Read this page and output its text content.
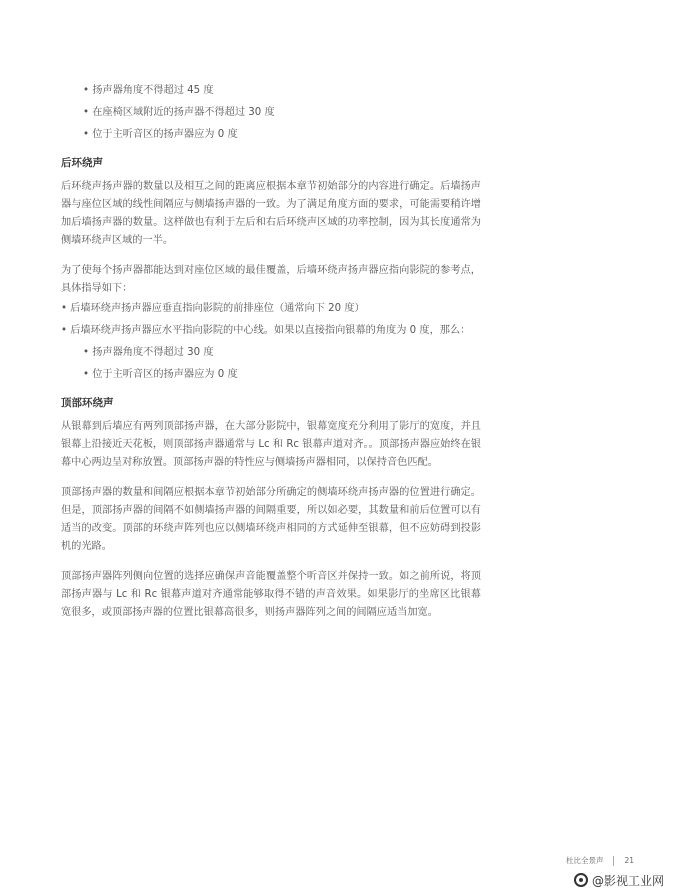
• 扬声器角度不得超过 45 度
• 在座椅区域附近的扬声器不得超过 30 度
• 位于主听音区的扬声器应为 0 度
后环绕声
后环绕声扬声器的数量以及相互之间的距离应根据本章节初始部分的内容进行确定。后墙扬声器与座位区域的线性间隔应与侧墙扬声器的一致。为了满足角度方面的要求，可能需要稍许增加后墙扬声器的数量。这样做也有利于左后和右后环绕声区域的功率控制，因为其长度通常为侧墙环绕声区域的一半。
为了使每个扬声器都能达到对座位区域的最佳覆盖，后墙环绕声扬声器应指向影院的参考点，具体指导如下：
• 后墙环绕声扬声器应垂直指向影院的前排座位（通常向下 20 度）
• 后墙环绕声扬声器应水平指向影院的中心线。如果以直接指向银幕的角度为 0 度，那么：
• 扬声器角度不得超过 30 度
• 位于主听音区的扬声器应为 0 度
顶部环绕声
从银幕到后墙应有两列顶部扬声器，在大部分影院中，银幕宽度充分利用了影厅的宽度，并且银幕上沿接近天花板，则顶部扬声器通常与 Lc 和 Rc 银幕声道对齐。。顶部扬声器应始终在银幕中心两边呈对称放置。顶部扬声器的特性应与侧墙扬声器相同，以保持音色匹配。
顶部扬声器的数量和间隔应根据本章节初始部分所确定的侧墙环绕声扬声器的位置进行确定。但是，顶部扬声器的间隔不如侧墙扬声器的间隔重要，所以如必要，其数量和前后位置可以有适当的改变。顶部的环绕声阵列也应以侧墙环绕声相同的方式延伸至银幕，但不应妨碍到投影机的光路。
顶部扬声器阵列侧向位置的选择应确保声音能覆盖整个听音区并保持一致。如之前所说，将顶部扬声器与 Lc 和 Rc 银幕声道对齐通常能够取得不错的声音效果。如果影厅的坐席区比银幕宽很多，或顶部扬声器的位置比银幕高很多，则扬声器阵列之间的间隔应适当加宽。
杜比全景声	21
@影视工业网
